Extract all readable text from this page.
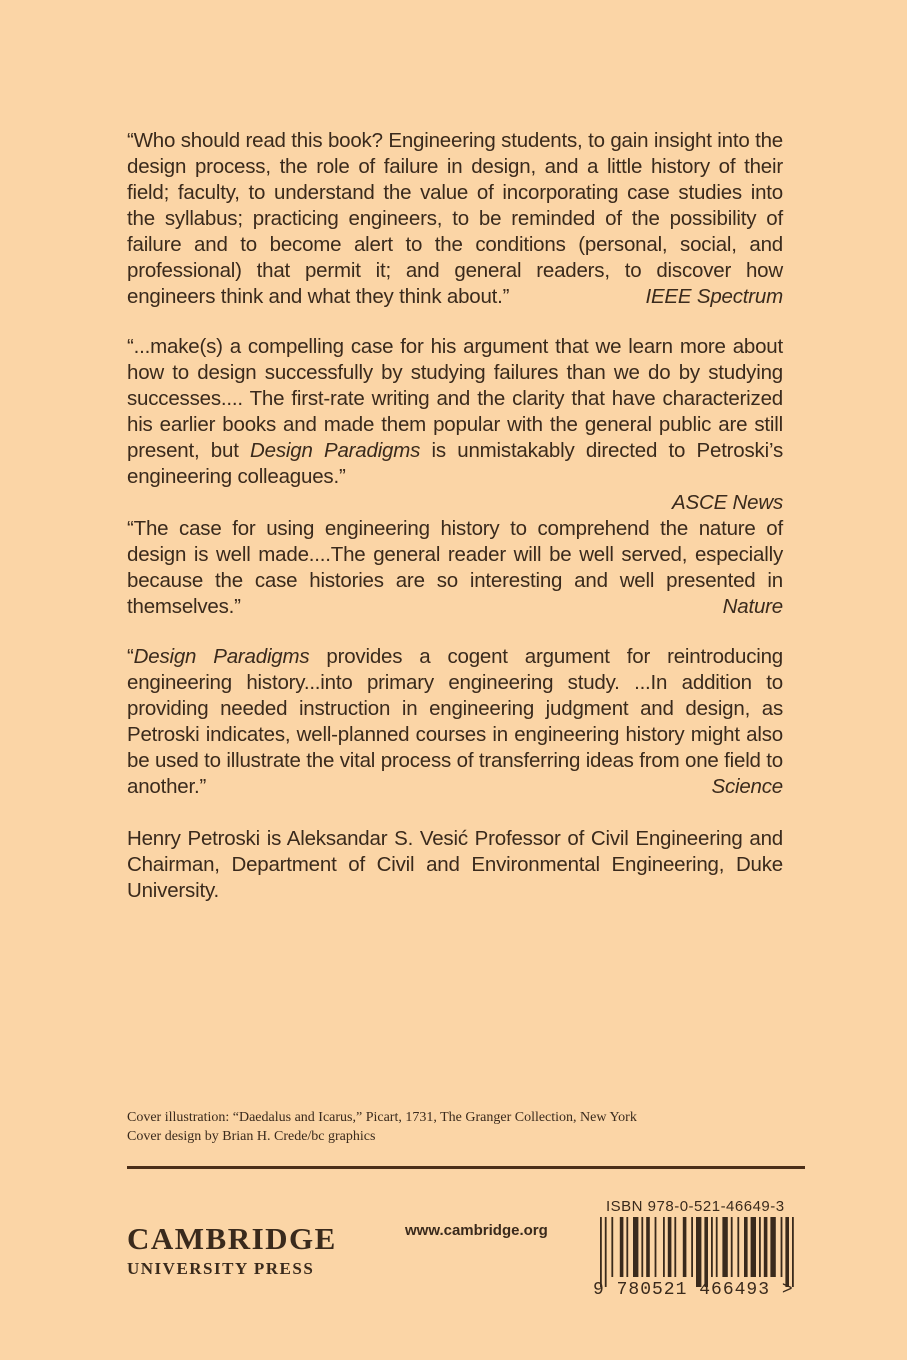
“Who should read this book? Engineering students, to gain insight into the design process, the role of failure in design, and a little history of their field; faculty, to understand the value of incorporating case studies into the syllabus; practicing engineers, to be reminded of the possibility of failure and to become alert to the conditions (personal, social, and professional) that permit it; and general readers, to discover how engineers think and what they think about.”	IEEE Spectrum

“...make(s) a compelling case for his argument that we learn more about how to design successfully by studying failures than we do by studying successes.... The first-rate writing and the clarity that have characterized his earlier books and made them popular with the general public are still present, but Design Paradigms is unmistakably directed to Petroski’s engineering colleagues.”
ASCE News

“The case for using engineering history to comprehend the nature of design is well made....The general reader will be well served, especially because the case histories are so interesting and well presented in themselves.”	Nature

“Design Paradigms provides a cogent argument for reintroducing engineering history...into primary engineering study. ...In addition to providing needed instruction in engineering judgment and design, as Petroski indicates, well-planned courses in engineering history might also be used to illustrate the vital process of transferring ideas from one field to another.”	Science

Henry Petroski is Aleksandar S. Vesić Professor of Civil Engineering and Chairman, Department of Civil and Environmental Engineering, Duke University.

Cover illustration: “Daedalus and Icarus,” Picart, 1731, The Granger Collection, New York
Cover design by Brian H. Crede/bc graphics
CAMBRIDGE
UNIVERSITY PRESS
www.cambridge.org
ISBN 978-0-521-46649-3
9 780521 466493 >
